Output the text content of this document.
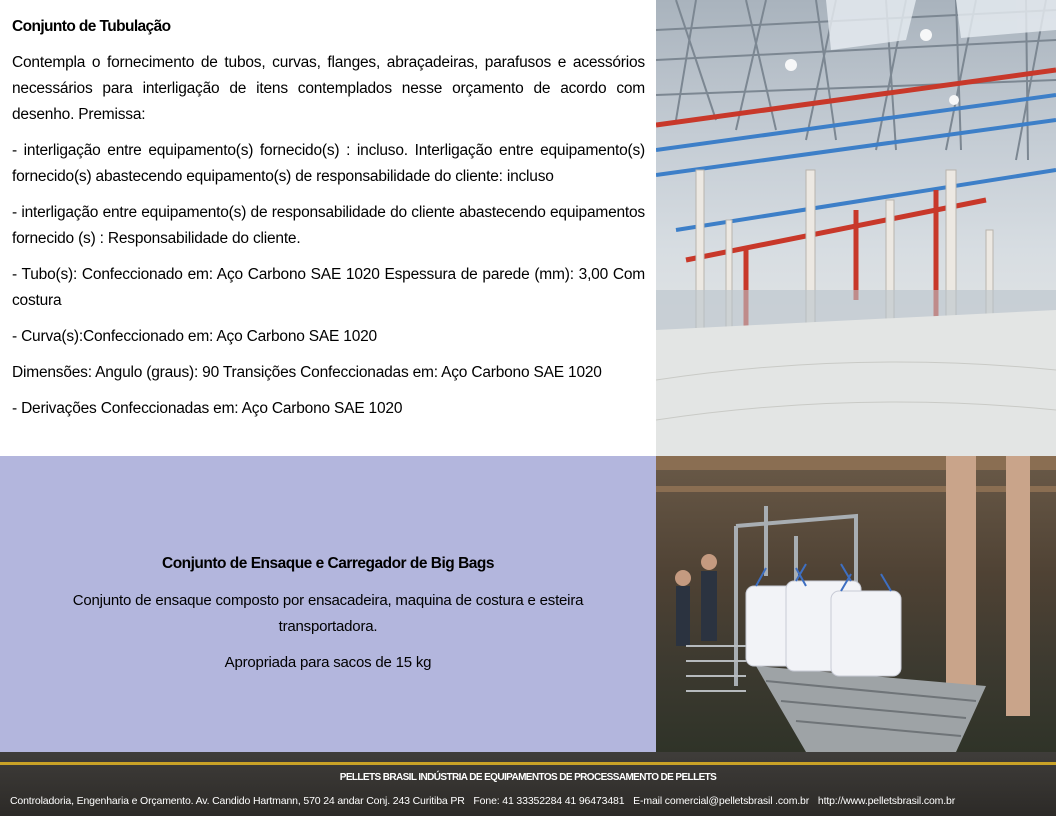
Conjunto de Tubulação

Contempla o fornecimento de tubos, curvas, flanges, abraçadeiras, parafusos e acessórios necessários para interligação de itens contemplados nesse orçamento de acordo com desenho. Premissa:

- interligação entre equipamento(s) fornecido(s) : incluso. Interligação entre equipamento(s) fornecido(s) abastecendo equipamento(s) de responsabilidade do cliente: incluso

- interligação entre equipamento(s) de responsabilidade do cliente abastecendo equipamentos fornecido (s) : Responsabilidade do cliente.

- Tubo(s): Confeccionado em: Aço Carbono SAE 1020 Espessura de parede (mm): 3,00 Com costura

- Curva(s):Confeccionado em: Aço Carbono SAE 1020

Dimensões: Angulo (graus): 90 Transições Confeccionadas em: Aço Carbono SAE 1020

- Derivações Confeccionadas em: Aço Carbono SAE 1020

Conjunto de Ensaque e Carregador de Big Bags

Conjunto de ensaque composto por ensacadeira, maquina de costura e esteira transportadora.

Apropriada para sacos de 15 kg

PELLETS BRASIL INDÚSTRIA DE EQUIPAMENTOS DE PROCESSAMENTO DE PELLETS
Controladoria, Engenharia e Orçamento. Av. Candido Hartmann, 570 24 andar Conj. 243 Curitiba PR Fone: 41 33352284 41 96473481 E-mail comercial@pelletsbrasil .com.br http://www.pelletsbrasil.com.br
